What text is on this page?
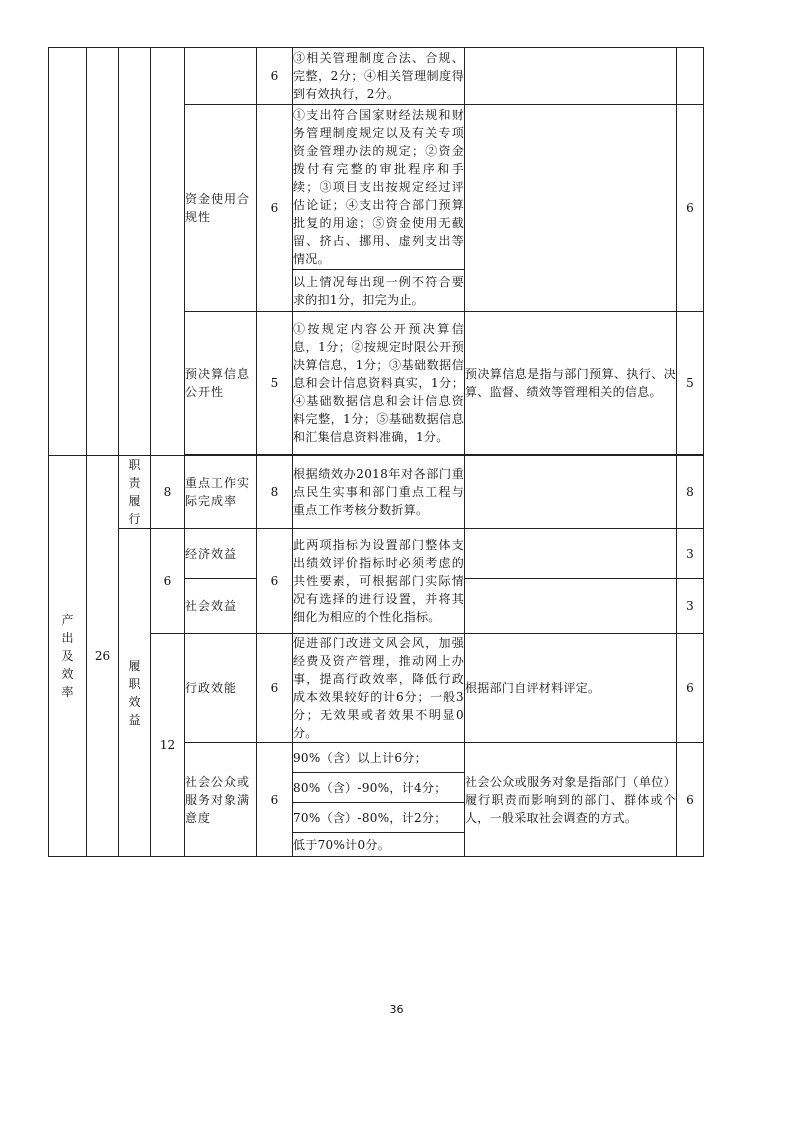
					6	③相关管理制度合法、合规、完整，2分；④相关管理制度得到有效执行，2分。		
				资金使用合规性	6	①支出符合国家财经法规和财务管理制度规定以及有关专项资金管理办法的规定；②资金拨付有完整的审批程序和手续；③项目支出按规定经过评估论证；④支出符合部门预算批复的用途；⑤资金使用无截留、挤占、挪用、虚列支出等情况。		6
						以上情况每出现一例不符合要求的扣1分，扣完为止。		
				预决算信息公开性	5	①按规定内容公开预决算信息，1分；②按规定时限公开预决算信息，1分；③基础数据信息和会计信息资料真实，1分；④基础数据信息和会计信息资料完整，1分；⑤基础数据信息和汇集信息资料准确，1分。	预决算信息是指与部门预算、执行、决算、监督、绩效等管理相关的信息。	5

产出及效率	26	职责履行	8	重点工作实际完成率	8	根据绩效办2018年对各部门重点民生实事和部门重点工程与重点工作考核分数折算。		8

		履职效益	6	经济效益	6	此两项指标为设置部门整体支出绩效评价指标时必须考虑的共性要素，可根据部门实际情况有选择的进行设置，并将其细化为相应的个性化指标。		3
				社会效益				3
			12	行政效能	6	促进部门改进文风会风，加强经费及资产管理，推动网上办事，提高行政效率，降低行政成本效果较好的计6分；一般3分；无效果或者效果不明显0分。	根据部门自评材料评定。	6
				社会公众或服务对象满意度	6	90%（含）以上计6分；	社会公众或服务对象是指部门（单位）履行职责而影响到的部门、群体或个人，一般采取社会调查的方式。	6
						80%（含）-90%，计4分；		
						70%（含）-80%，计2分；		
						低于70%计0分。		
36
